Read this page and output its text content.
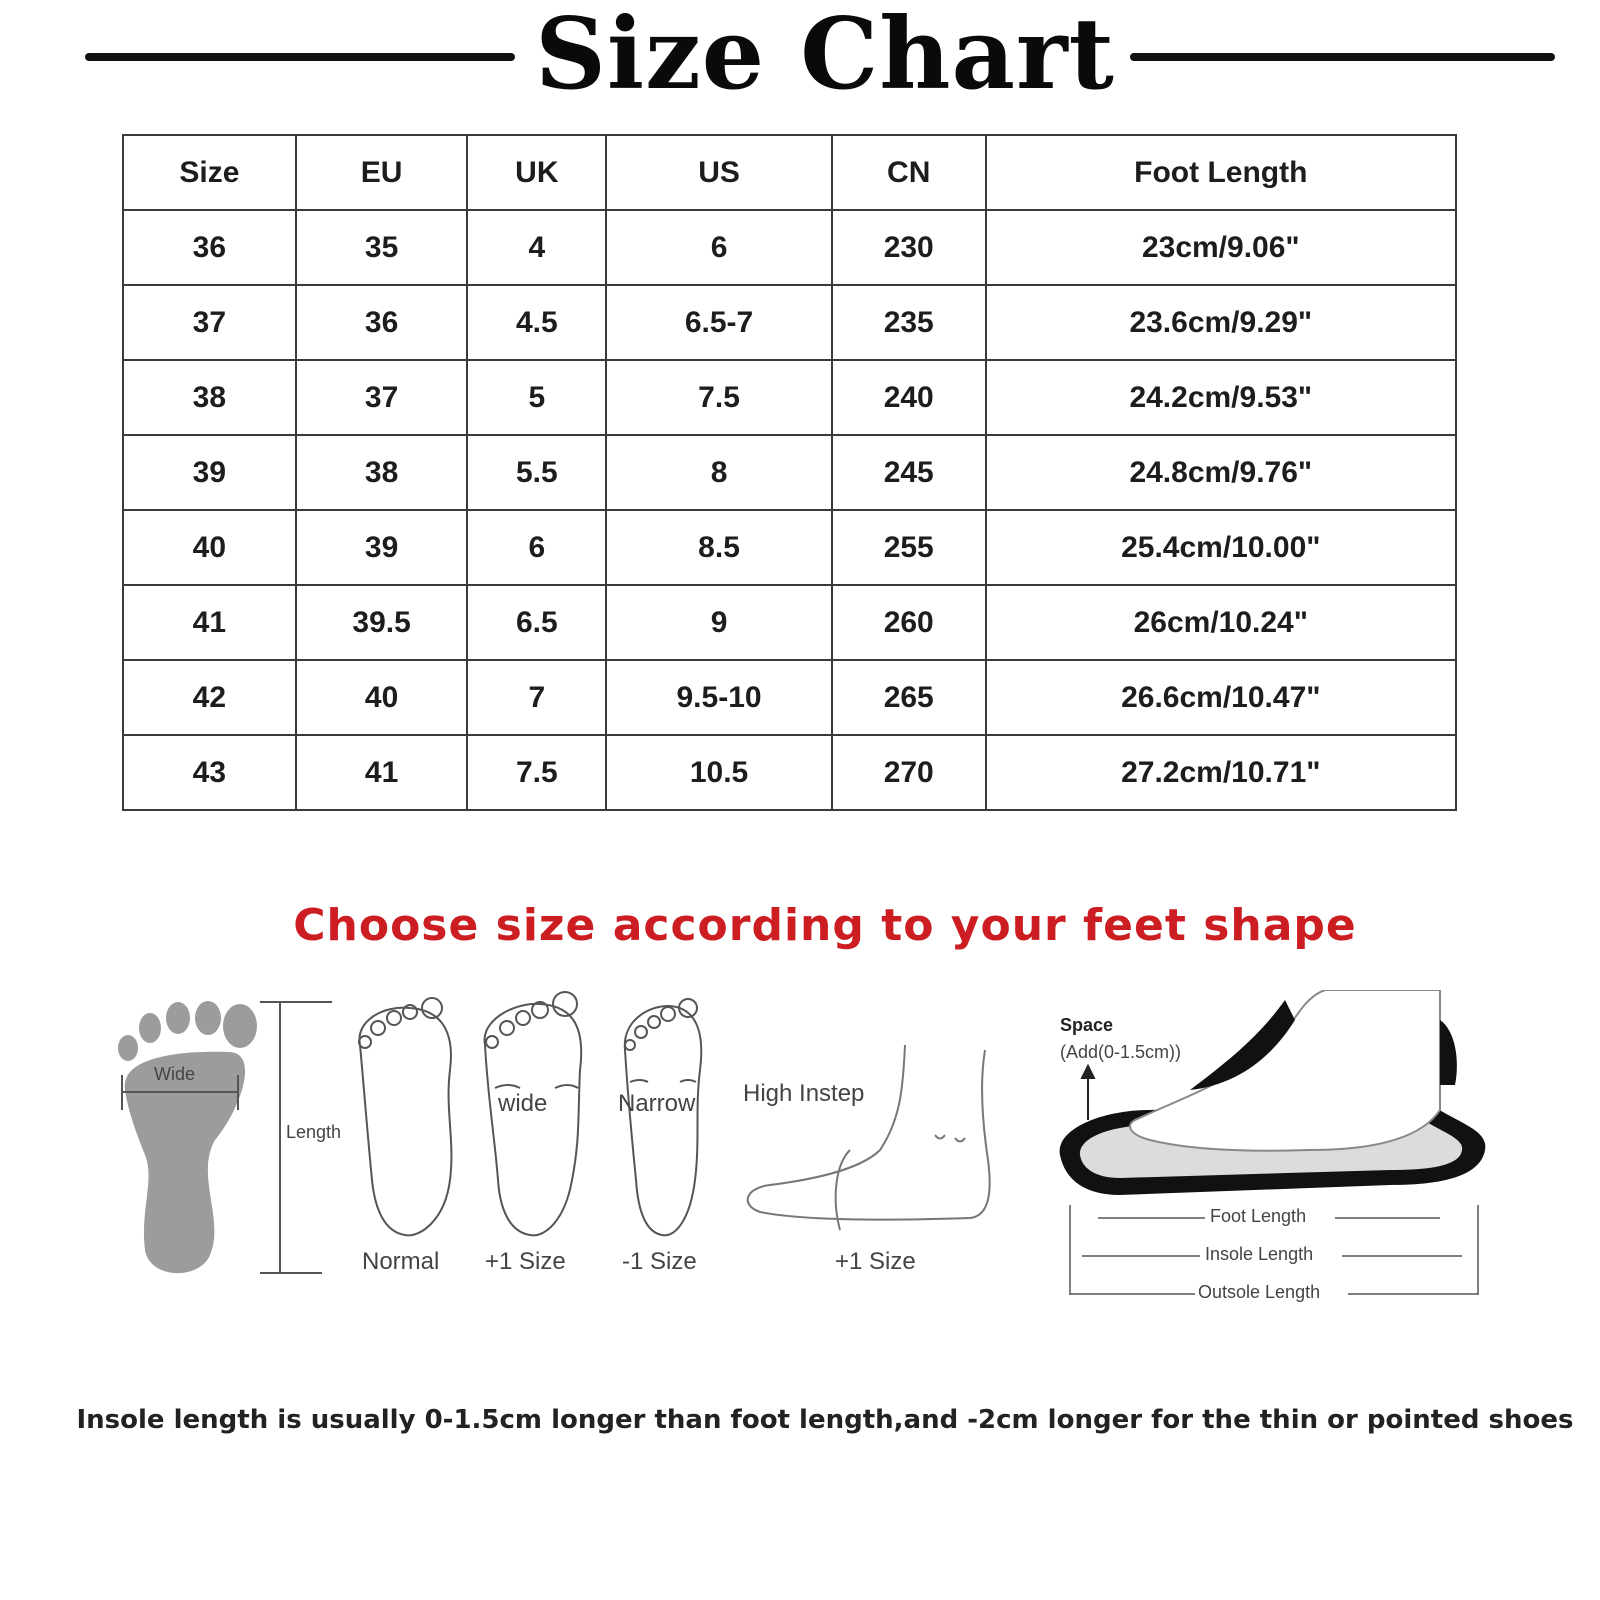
Size Chart
Size	EU	UK	US	CN	Foot Length
36	35	4	6	230	23cm/9.06"
37	36	4.5	6.5-7	235	23.6cm/9.29"
38	37	5	7.5	240	24.2cm/9.53"
39	38	5.5	8	245	24.8cm/9.76"
40	39	6	8.5	255	25.4cm/10.00"
41	39.5	6.5	9	260	26cm/10.24"
42	40	7	9.5-10	265	26.6cm/10.47"
43	41	7.5	10.5	270	27.2cm/10.71"
Choose size according to your feet shape
Wide
Length
wide	Narrow High Instep
Normal +1 Size -1 Size	+1 Size
Space
(Add(0-1.5cm))
Foot Length
Insole Length
Outsole Length
Insole length is usually 0-1.5cm longer than foot length,and -2cm longer for the thin or pointed shoes
